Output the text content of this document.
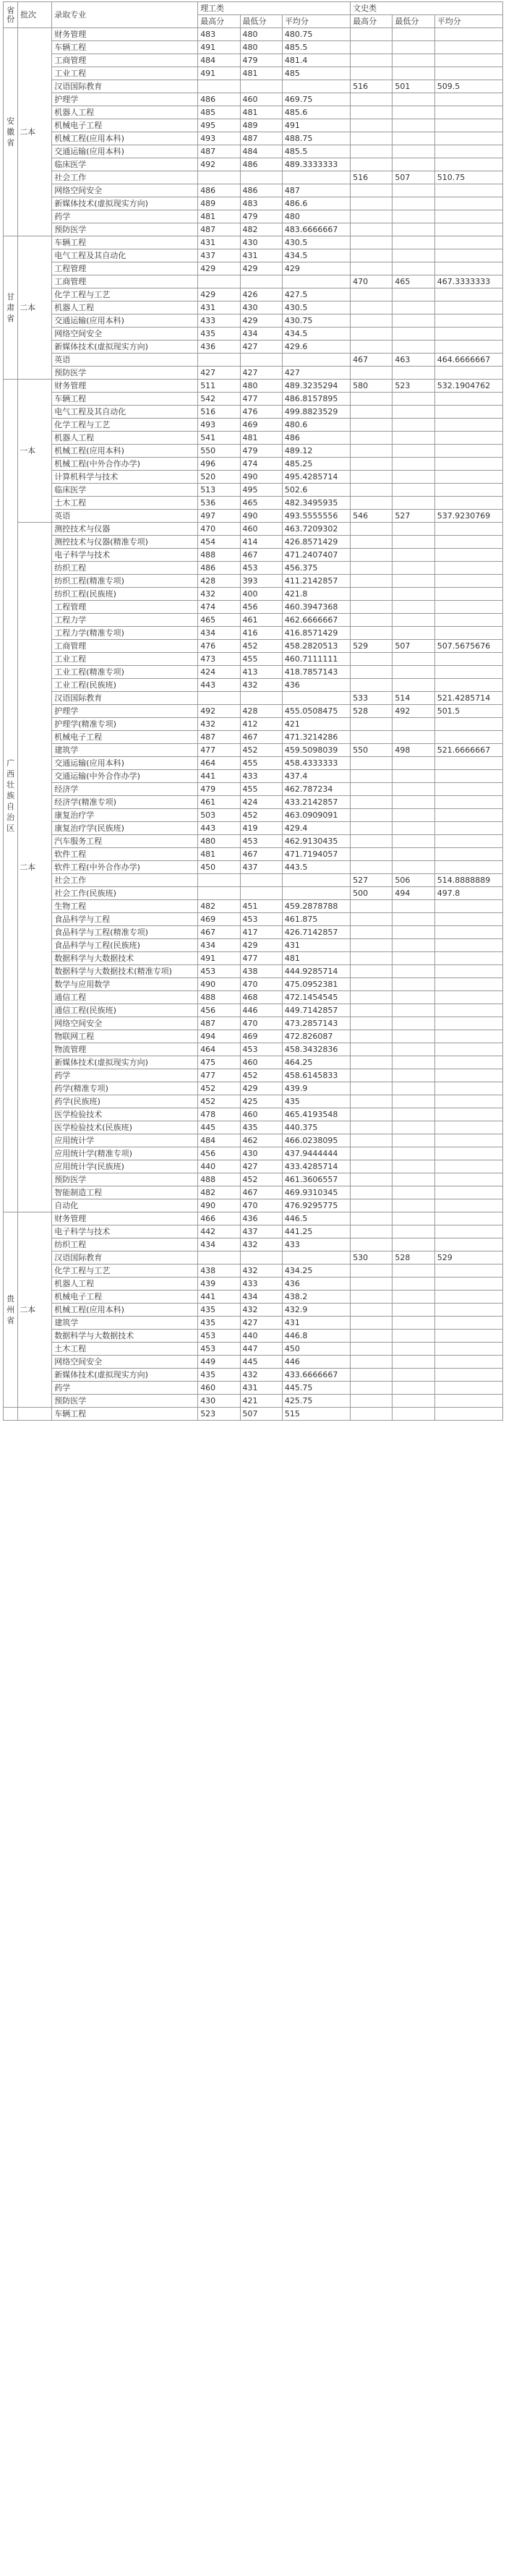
省份	批次	录取专业	理工类			文史类		
			最高分	最低分	平均分	最高分	最低分	平均分

安徽省	二本	财务管理	483	480	480.75			
		车辆工程	491	480	485.5			
		工商管理	484	479	481.4			
		工业工程	491	481	485			
		汉语国际教育				516	501	509.5
		护理学	486	460	469.75			
		机器人工程	485	481	485.6			
		机械电子工程	495	489	491			
		机械工程(应用本科)	493	487	488.75			
		交通运输(应用本科)	487	484	485.5			
		临床医学	492	486	489.3333333			
		社会工作				516	507	510.75
		网络空间安全	486	486	487			
		新媒体技术(虚拟现实方向)	489	483	486.6			
		药学	481	479	480			
		预防医学	487	482	483.6666667			

甘肃省	二本	车辆工程	431	430	430.5			
		电气工程及其自动化	437	431	434.5			
		工程管理	429	429	429			
		工商管理				470	465	467.3333333
		化学工程与工艺	429	426	427.5			
		机器人工程	431	430	430.5			
		交通运输(应用本科)	433	429	430.75			
		网络空间安全	435	434	434.5			
		新媒体技术(虚拟现实方向)	436	427	429.6			
		英语				467	463	464.6666667
		预防医学	427	427	427			

广西壮族自治区	一本	财务管理	511	480	489.3235294	580	523	532.1904762
		车辆工程	542	477	486.8157895			
		电气工程及其自动化	516	476	499.8823529			
		化学工程与工艺	493	469	480.6			
		机器人工程	541	481	486			
		机械工程(应用本科)	550	479	489.12			
		机械工程(中外合作办学)	496	474	485.25			
		计算机科学与技术	520	490	495.4285714			
		临床医学	513	495	502.6			
		土木工程	536	465	482.3495935			
		英语	497	490	493.5555556	546	527	537.9230769
	二本	测控技术与仪器	470	460	463.7209302			
		测控技术与仪器(精准专项)	454	414	426.8571429			
		电子科学与技术	488	467	471.2407407			
		纺织工程	486	453	456.375			
		纺织工程(精准专项)	428	393	411.2142857			
		纺织工程(民族班)	432	400	421.8			
		工程管理	474	456	460.3947368			
		工程力学	465	461	462.6666667			
		工程力学(精准专项)	434	416	416.8571429			
		工商管理	476	452	458.2820513	529	507	507.5675676
		工业工程	473	455	460.7111111			
		工业工程(精准专项)	424	413	418.7857143			
		工业工程(民族班)	443	432	436			
		汉语国际教育				533	514	521.4285714
		护理学	492	428	455.0508475	528	492	501.5
		护理学(精准专项)	432	412	421			
		机械电子工程	487	467	471.3214286			
		建筑学	477	452	459.5098039	550	498	521.6666667
		交通运输(应用本科)	464	455	458.4333333			
		交通运输(中外合作办学)	441	433	437.4			
		经济学	479	455	462.787234			
		经济学(精准专项)	461	424	433.2142857			
		康复治疗学	503	452	463.0909091			
		康复治疗学(民族班)	443	419	429.4			
		汽车服务工程	480	453	462.9130435			
		软件工程	481	467	471.7194057			
		软件工程(中外合作办学)	450	437	443.5			
		社会工作				527	506	514.8888889
		社会工作(民族班)				500	494	497.8
		生物工程	482	451	459.2878788			
		食品科学与工程	469	453	461.875			
		食品科学与工程(精准专项)	467	417	426.7142857			
		食品科学与工程(民族班)	434	429	431			
		数据科学与大数据技术	491	477	481			
		数据科学与大数据技术(精准专项)	453	438	444.9285714			
		数学与应用数学	490	470	475.0952381			
		通信工程	488	468	472.1454545			
		通信工程(民族班)	456	446	449.7142857			
		网络空间安全	487	470	473.2857143			
		物联网工程	494	469	472.826087			
		物流管理	464	453	458.3432836			
		新媒体技术(虚拟现实方向)	475	460	464.25			
		药学	477	452	458.6145833			
		药学(精准专项)	452	429	439.9			
		药学(民族班)	452	425	435			
		医学检验技术	478	460	465.4193548			
		医学检验技术(民族班)	445	435	440.375			
		应用统计学	484	462	466.0238095			
		应用统计学(精准专项)	456	430	437.9444444			
		应用统计学(民族班)	440	427	433.4285714			
		预防医学	488	452	461.3606557			
		智能制造工程	482	467	469.9310345			
		自动化	490	470	476.9295775			

贵州省	二本	财务管理	466	436	446.5			
		电子科学与技术	442	437	441.25			
		纺织工程	434	432	433			
		汉语国际教育				530	528	529
		化学工程与工艺	438	432	434.25			
		机器人工程	439	433	436			
		机械电子工程	441	434	438.2			
		机械工程(应用本科)	435	432	432.9			
		建筑学	435	427	431			
		数据科学与大数据技术	453	440	446.8			
		土木工程	453	447	450			
		网络空间安全	449	445	446			
		新媒体技术(虚拟现实方向)	435	432	433.6666667			
		药学	460	431	445.75			
		预防医学	430	421	425.75			

		车辆工程	523	507	515			
